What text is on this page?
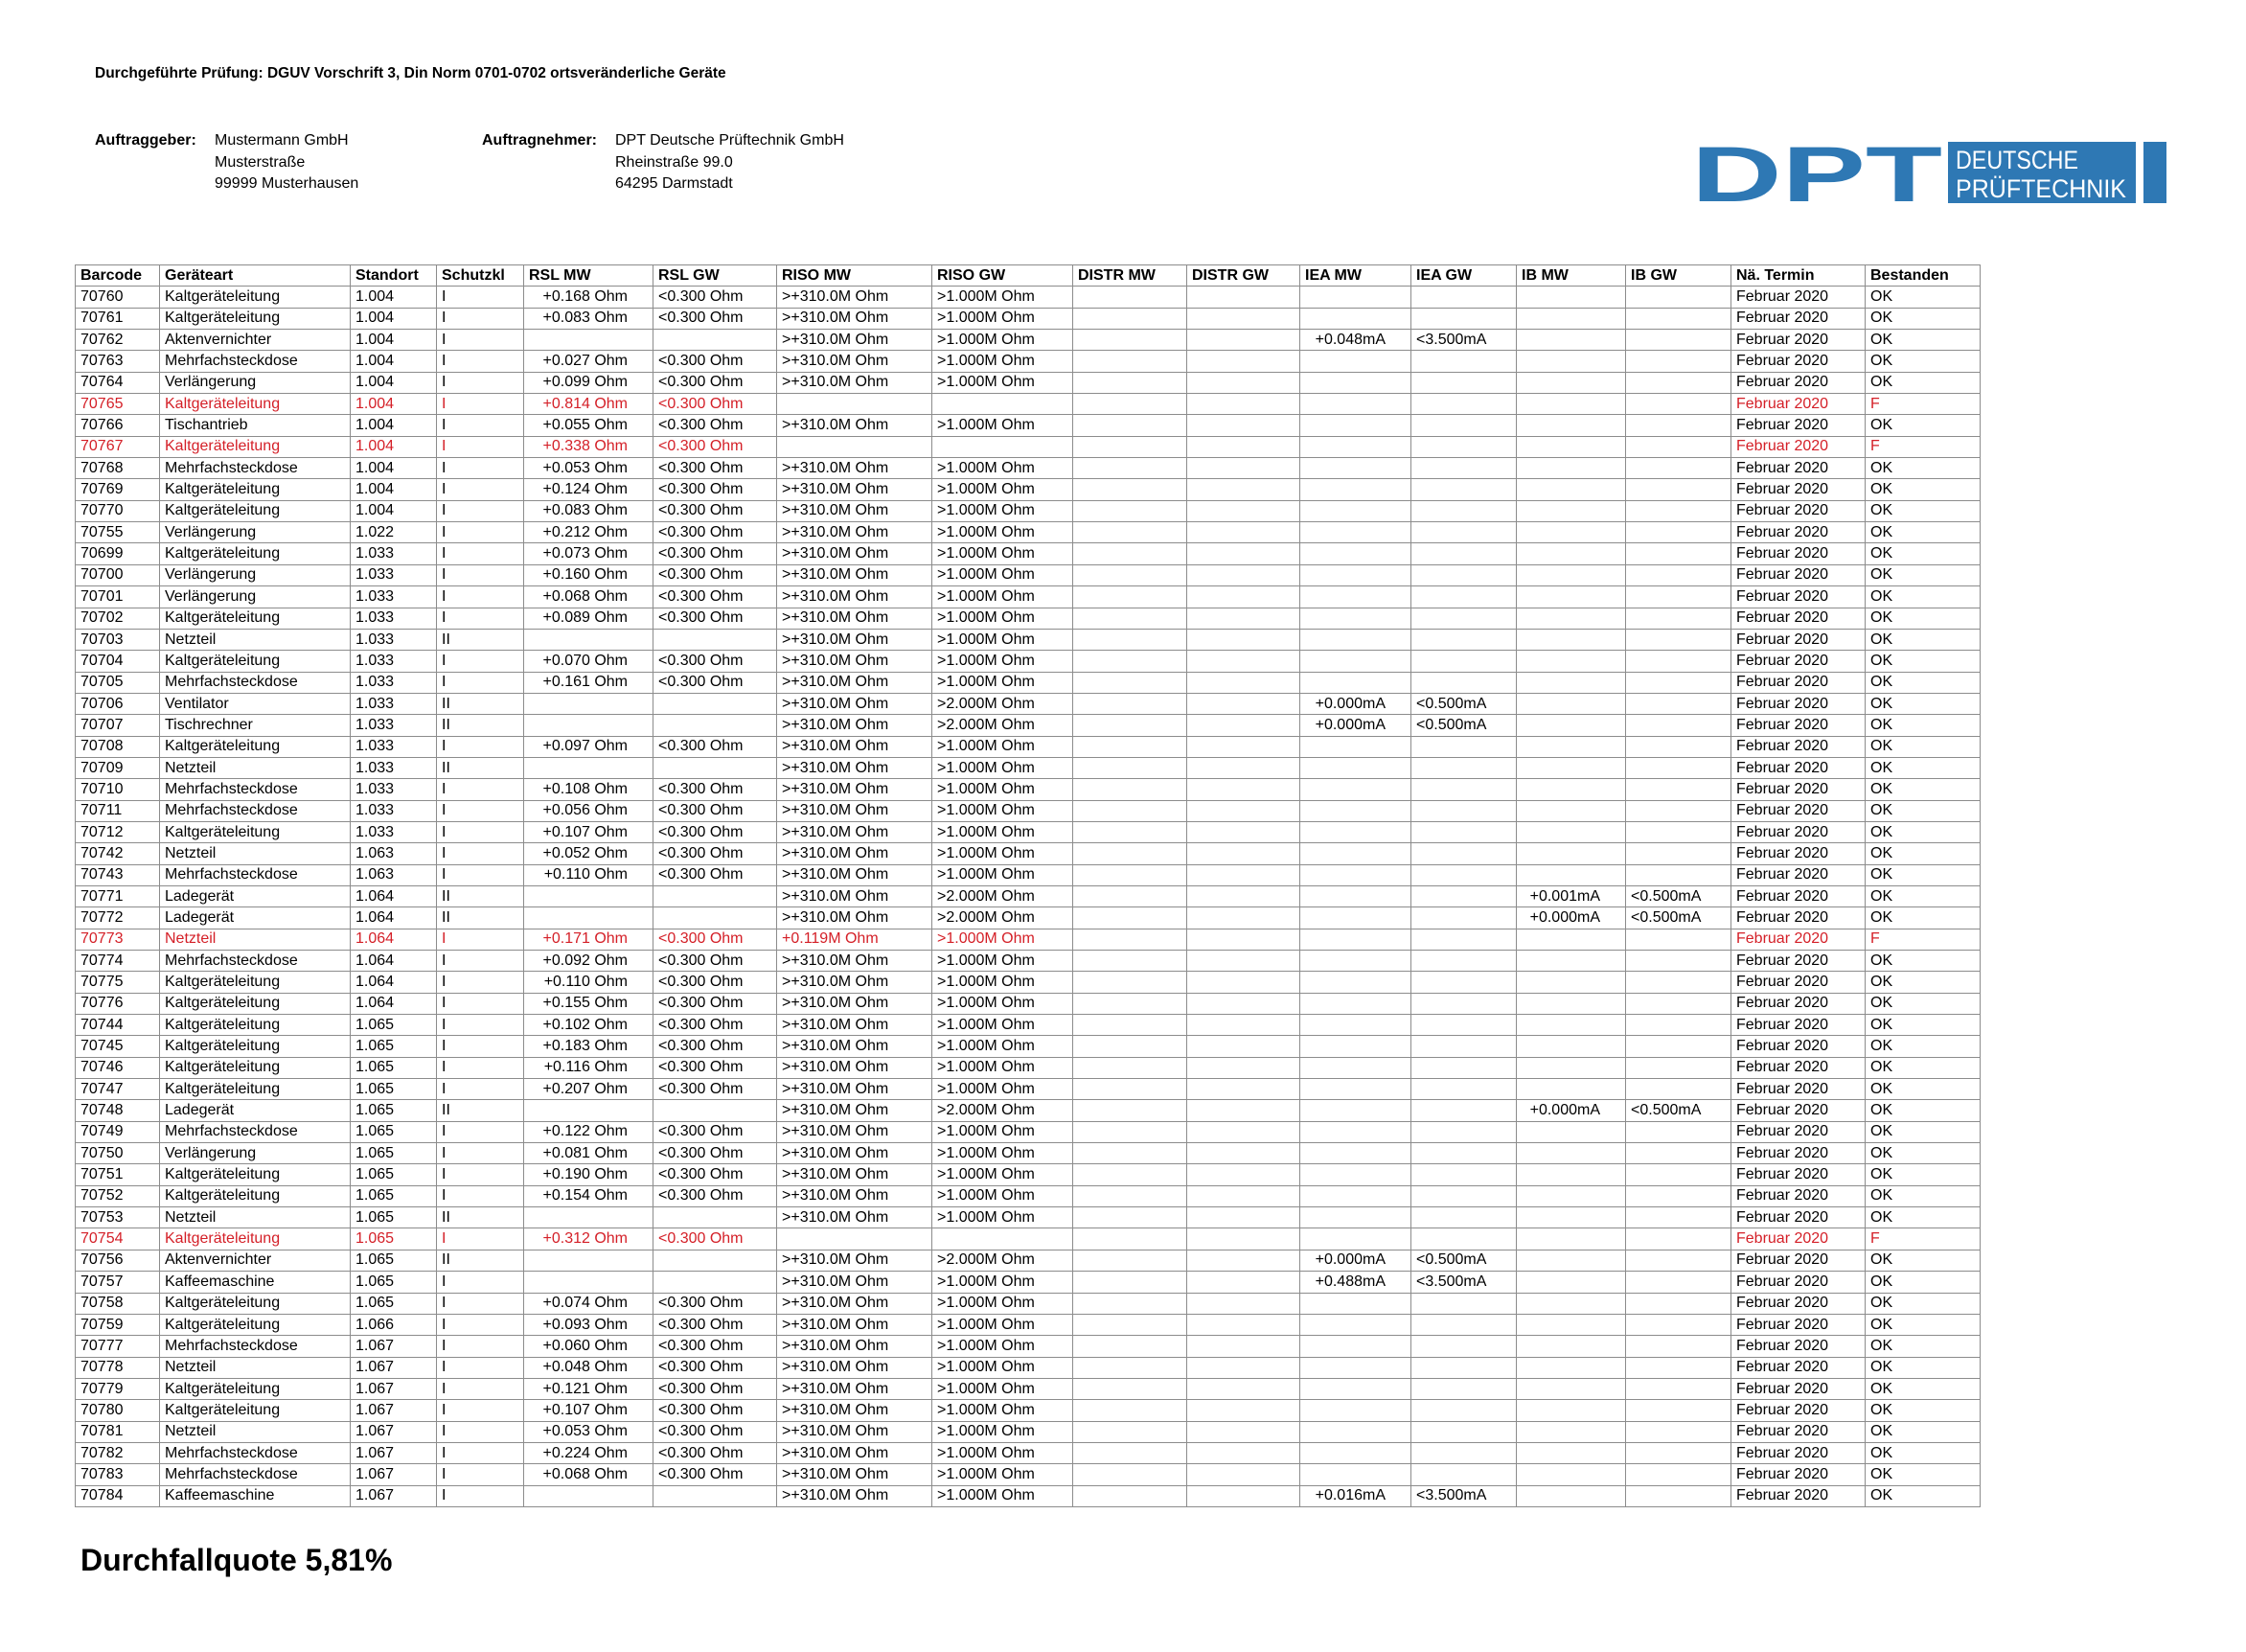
Durchgeführte Prüfung: DGUV Vorschrift 3, Din Norm 0701-0702 ortsveränderliche Geräte
Auftraggeber: Mustermann GmbH
Musterstraße
99999 Musterhausen
Auftragnehmer: DPT Deutsche Prüftechnik GmbH
Rheinstraße 99.0
64295 Darmstadt	DPT DEUTSCHE
PRÜFTECHNIK
Barcode	Geräteart	Standort	Schutzkl	RSL MW	RSL GW	RISO MW	RISO GW	DISTR MW	DISTR GW	IEA MW	IEA GW	IB MW	IB GW	Nä. Termin	Bestanden
70760	Kaltgeräteleitung	1.004	I	+0.168 Ohm	<0.300 Ohm	>+310.0M Ohm	>1.000M Ohm							Februar 2020	OK
70761	Kaltgeräteleitung	1.004	I	+0.083 Ohm	<0.300 Ohm	>+310.0M Ohm	>1.000M Ohm							Februar 2020	OK
70762	Aktenvernichter	1.004	I			>+310.0M Ohm	>1.000M Ohm			+0.048mA	<3.500mA			Februar 2020	OK
70763	Mehrfachsteckdose	1.004	I	+0.027 Ohm	<0.300 Ohm	>+310.0M Ohm	>1.000M Ohm							Februar 2020	OK
70764	Verlängerung	1.004	I	+0.099 Ohm	<0.300 Ohm	>+310.0M Ohm	>1.000M Ohm							Februar 2020	OK
70765	Kaltgeräteleitung	1.004	I	+0.814 Ohm	<0.300 Ohm									Februar 2020	F
70766	Tischantrieb	1.004	I	+0.055 Ohm	<0.300 Ohm	>+310.0M Ohm	>1.000M Ohm							Februar 2020	OK
70767	Kaltgeräteleitung	1.004	I	+0.338 Ohm	<0.300 Ohm									Februar 2020	F
70768	Mehrfachsteckdose	1.004	I	+0.053 Ohm	<0.300 Ohm	>+310.0M Ohm	>1.000M Ohm							Februar 2020	OK
70769	Kaltgeräteleitung	1.004	I	+0.124 Ohm	<0.300 Ohm	>+310.0M Ohm	>1.000M Ohm							Februar 2020	OK
70770	Kaltgeräteleitung	1.004	I	+0.083 Ohm	<0.300 Ohm	>+310.0M Ohm	>1.000M Ohm							Februar 2020	OK
70755	Verlängerung	1.022	I	+0.212 Ohm	<0.300 Ohm	>+310.0M Ohm	>1.000M Ohm							Februar 2020	OK
70699	Kaltgeräteleitung	1.033	I	+0.073 Ohm	<0.300 Ohm	>+310.0M Ohm	>1.000M Ohm							Februar 2020	OK
70700	Verlängerung	1.033	I	+0.160 Ohm	<0.300 Ohm	>+310.0M Ohm	>1.000M Ohm							Februar 2020	OK
70701	Verlängerung	1.033	I	+0.068 Ohm	<0.300 Ohm	>+310.0M Ohm	>1.000M Ohm							Februar 2020	OK
70702	Kaltgeräteleitung	1.033	I	+0.089 Ohm	<0.300 Ohm	>+310.0M Ohm	>1.000M Ohm							Februar 2020	OK
70703	Netzteil	1.033	II			>+310.0M Ohm	>1.000M Ohm							Februar 2020	OK
70704	Kaltgeräteleitung	1.033	I	+0.070 Ohm	<0.300 Ohm	>+310.0M Ohm	>1.000M Ohm							Februar 2020	OK
70705	Mehrfachsteckdose	1.033	I	+0.161 Ohm	<0.300 Ohm	>+310.0M Ohm	>1.000M Ohm							Februar 2020	OK
70706	Ventilator	1.033	II			>+310.0M Ohm	>2.000M Ohm			+0.000mA	<0.500mA			Februar 2020	OK
70707	Tischrechner	1.033	II			>+310.0M Ohm	>2.000M Ohm			+0.000mA	<0.500mA			Februar 2020	OK
70708	Kaltgeräteleitung	1.033	I	+0.097 Ohm	<0.300 Ohm	>+310.0M Ohm	>1.000M Ohm							Februar 2020	OK
70709	Netzteil	1.033	II			>+310.0M Ohm	>1.000M Ohm							Februar 2020	OK
70710	Mehrfachsteckdose	1.033	I	+0.108 Ohm	<0.300 Ohm	>+310.0M Ohm	>1.000M Ohm							Februar 2020	OK
70711	Mehrfachsteckdose	1.033	I	+0.056 Ohm	<0.300 Ohm	>+310.0M Ohm	>1.000M Ohm							Februar 2020	OK
70712	Kaltgeräteleitung	1.033	I	+0.107 Ohm	<0.300 Ohm	>+310.0M Ohm	>1.000M Ohm							Februar 2020	OK
70742	Netzteil	1.063	I	+0.052 Ohm	<0.300 Ohm	>+310.0M Ohm	>1.000M Ohm							Februar 2020	OK
70743	Mehrfachsteckdose	1.063	I	+0.110 Ohm	<0.300 Ohm	>+310.0M Ohm	>1.000M Ohm							Februar 2020	OK
70771	Ladegerät	1.064	II			>+310.0M Ohm	>2.000M Ohm					+0.001mA	<0.500mA	Februar 2020	OK
70772	Ladegerät	1.064	II			>+310.0M Ohm	>2.000M Ohm					+0.000mA	<0.500mA	Februar 2020	OK
70773	Netzteil	1.064	I	+0.171 Ohm	<0.300 Ohm	+0.119M Ohm	>1.000M Ohm							Februar 2020	F
70774	Mehrfachsteckdose	1.064	I	+0.092 Ohm	<0.300 Ohm	>+310.0M Ohm	>1.000M Ohm							Februar 2020	OK
70775	Kaltgeräteleitung	1.064	I	+0.110 Ohm	<0.300 Ohm	>+310.0M Ohm	>1.000M Ohm							Februar 2020	OK
70776	Kaltgeräteleitung	1.064	I	+0.155 Ohm	<0.300 Ohm	>+310.0M Ohm	>1.000M Ohm							Februar 2020	OK
70744	Kaltgeräteleitung	1.065	I	+0.102 Ohm	<0.300 Ohm	>+310.0M Ohm	>1.000M Ohm							Februar 2020	OK
70745	Kaltgeräteleitung	1.065	I	+0.183 Ohm	<0.300 Ohm	>+310.0M Ohm	>1.000M Ohm							Februar 2020	OK
70746	Kaltgeräteleitung	1.065	I	+0.116 Ohm	<0.300 Ohm	>+310.0M Ohm	>1.000M Ohm							Februar 2020	OK
70747	Kaltgeräteleitung	1.065	I	+0.207 Ohm	<0.300 Ohm	>+310.0M Ohm	>1.000M Ohm							Februar 2020	OK
70748	Ladegerät	1.065	II			>+310.0M Ohm	>2.000M Ohm					+0.000mA	<0.500mA	Februar 2020	OK
70749	Mehrfachsteckdose	1.065	I	+0.122 Ohm	<0.300 Ohm	>+310.0M Ohm	>1.000M Ohm							Februar 2020	OK
70750	Verlängerung	1.065	I	+0.081 Ohm	<0.300 Ohm	>+310.0M Ohm	>1.000M Ohm							Februar 2020	OK
70751	Kaltgeräteleitung	1.065	I	+0.190 Ohm	<0.300 Ohm	>+310.0M Ohm	>1.000M Ohm							Februar 2020	OK
70752	Kaltgeräteleitung	1.065	I	+0.154 Ohm	<0.300 Ohm	>+310.0M Ohm	>1.000M Ohm							Februar 2020	OK
70753	Netzteil	1.065	II			>+310.0M Ohm	>1.000M Ohm							Februar 2020	OK
70754	Kaltgeräteleitung	1.065	I	+0.312 Ohm	<0.300 Ohm									Februar 2020	F
70756	Aktenvernichter	1.065	II			>+310.0M Ohm	>2.000M Ohm			+0.000mA	<0.500mA			Februar 2020	OK
70757	Kaffeemaschine	1.065	I			>+310.0M Ohm	>1.000M Ohm			+0.488mA	<3.500mA			Februar 2020	OK
70758	Kaltgeräteleitung	1.065	I	+0.074 Ohm	<0.300 Ohm	>+310.0M Ohm	>1.000M Ohm							Februar 2020	OK
70759	Kaltgeräteleitung	1.066	I	+0.093 Ohm	<0.300 Ohm	>+310.0M Ohm	>1.000M Ohm							Februar 2020	OK
70777	Mehrfachsteckdose	1.067	I	+0.060 Ohm	<0.300 Ohm	>+310.0M Ohm	>1.000M Ohm							Februar 2020	OK
70778	Netzteil	1.067	I	+0.048 Ohm	<0.300 Ohm	>+310.0M Ohm	>1.000M Ohm							Februar 2020	OK
70779	Kaltgeräteleitung	1.067	I	+0.121 Ohm	<0.300 Ohm	>+310.0M Ohm	>1.000M Ohm							Februar 2020	OK
70780	Kaltgeräteleitung	1.067	I	+0.107 Ohm	<0.300 Ohm	>+310.0M Ohm	>1.000M Ohm							Februar 2020	OK
70781	Netzteil	1.067	I	+0.053 Ohm	<0.300 Ohm	>+310.0M Ohm	>1.000M Ohm							Februar 2020	OK
70782	Mehrfachsteckdose	1.067	I	+0.224 Ohm	<0.300 Ohm	>+310.0M Ohm	>1.000M Ohm							Februar 2020	OK
70783	Mehrfachsteckdose	1.067	I	+0.068 Ohm	<0.300 Ohm	>+310.0M Ohm	>1.000M Ohm							Februar 2020	OK
70784	Kaffeemaschine	1.067	I			>+310.0M Ohm	>1.000M Ohm			+0.016mA	<3.500mA			Februar 2020	OK
Durchfallquote 5,81%
